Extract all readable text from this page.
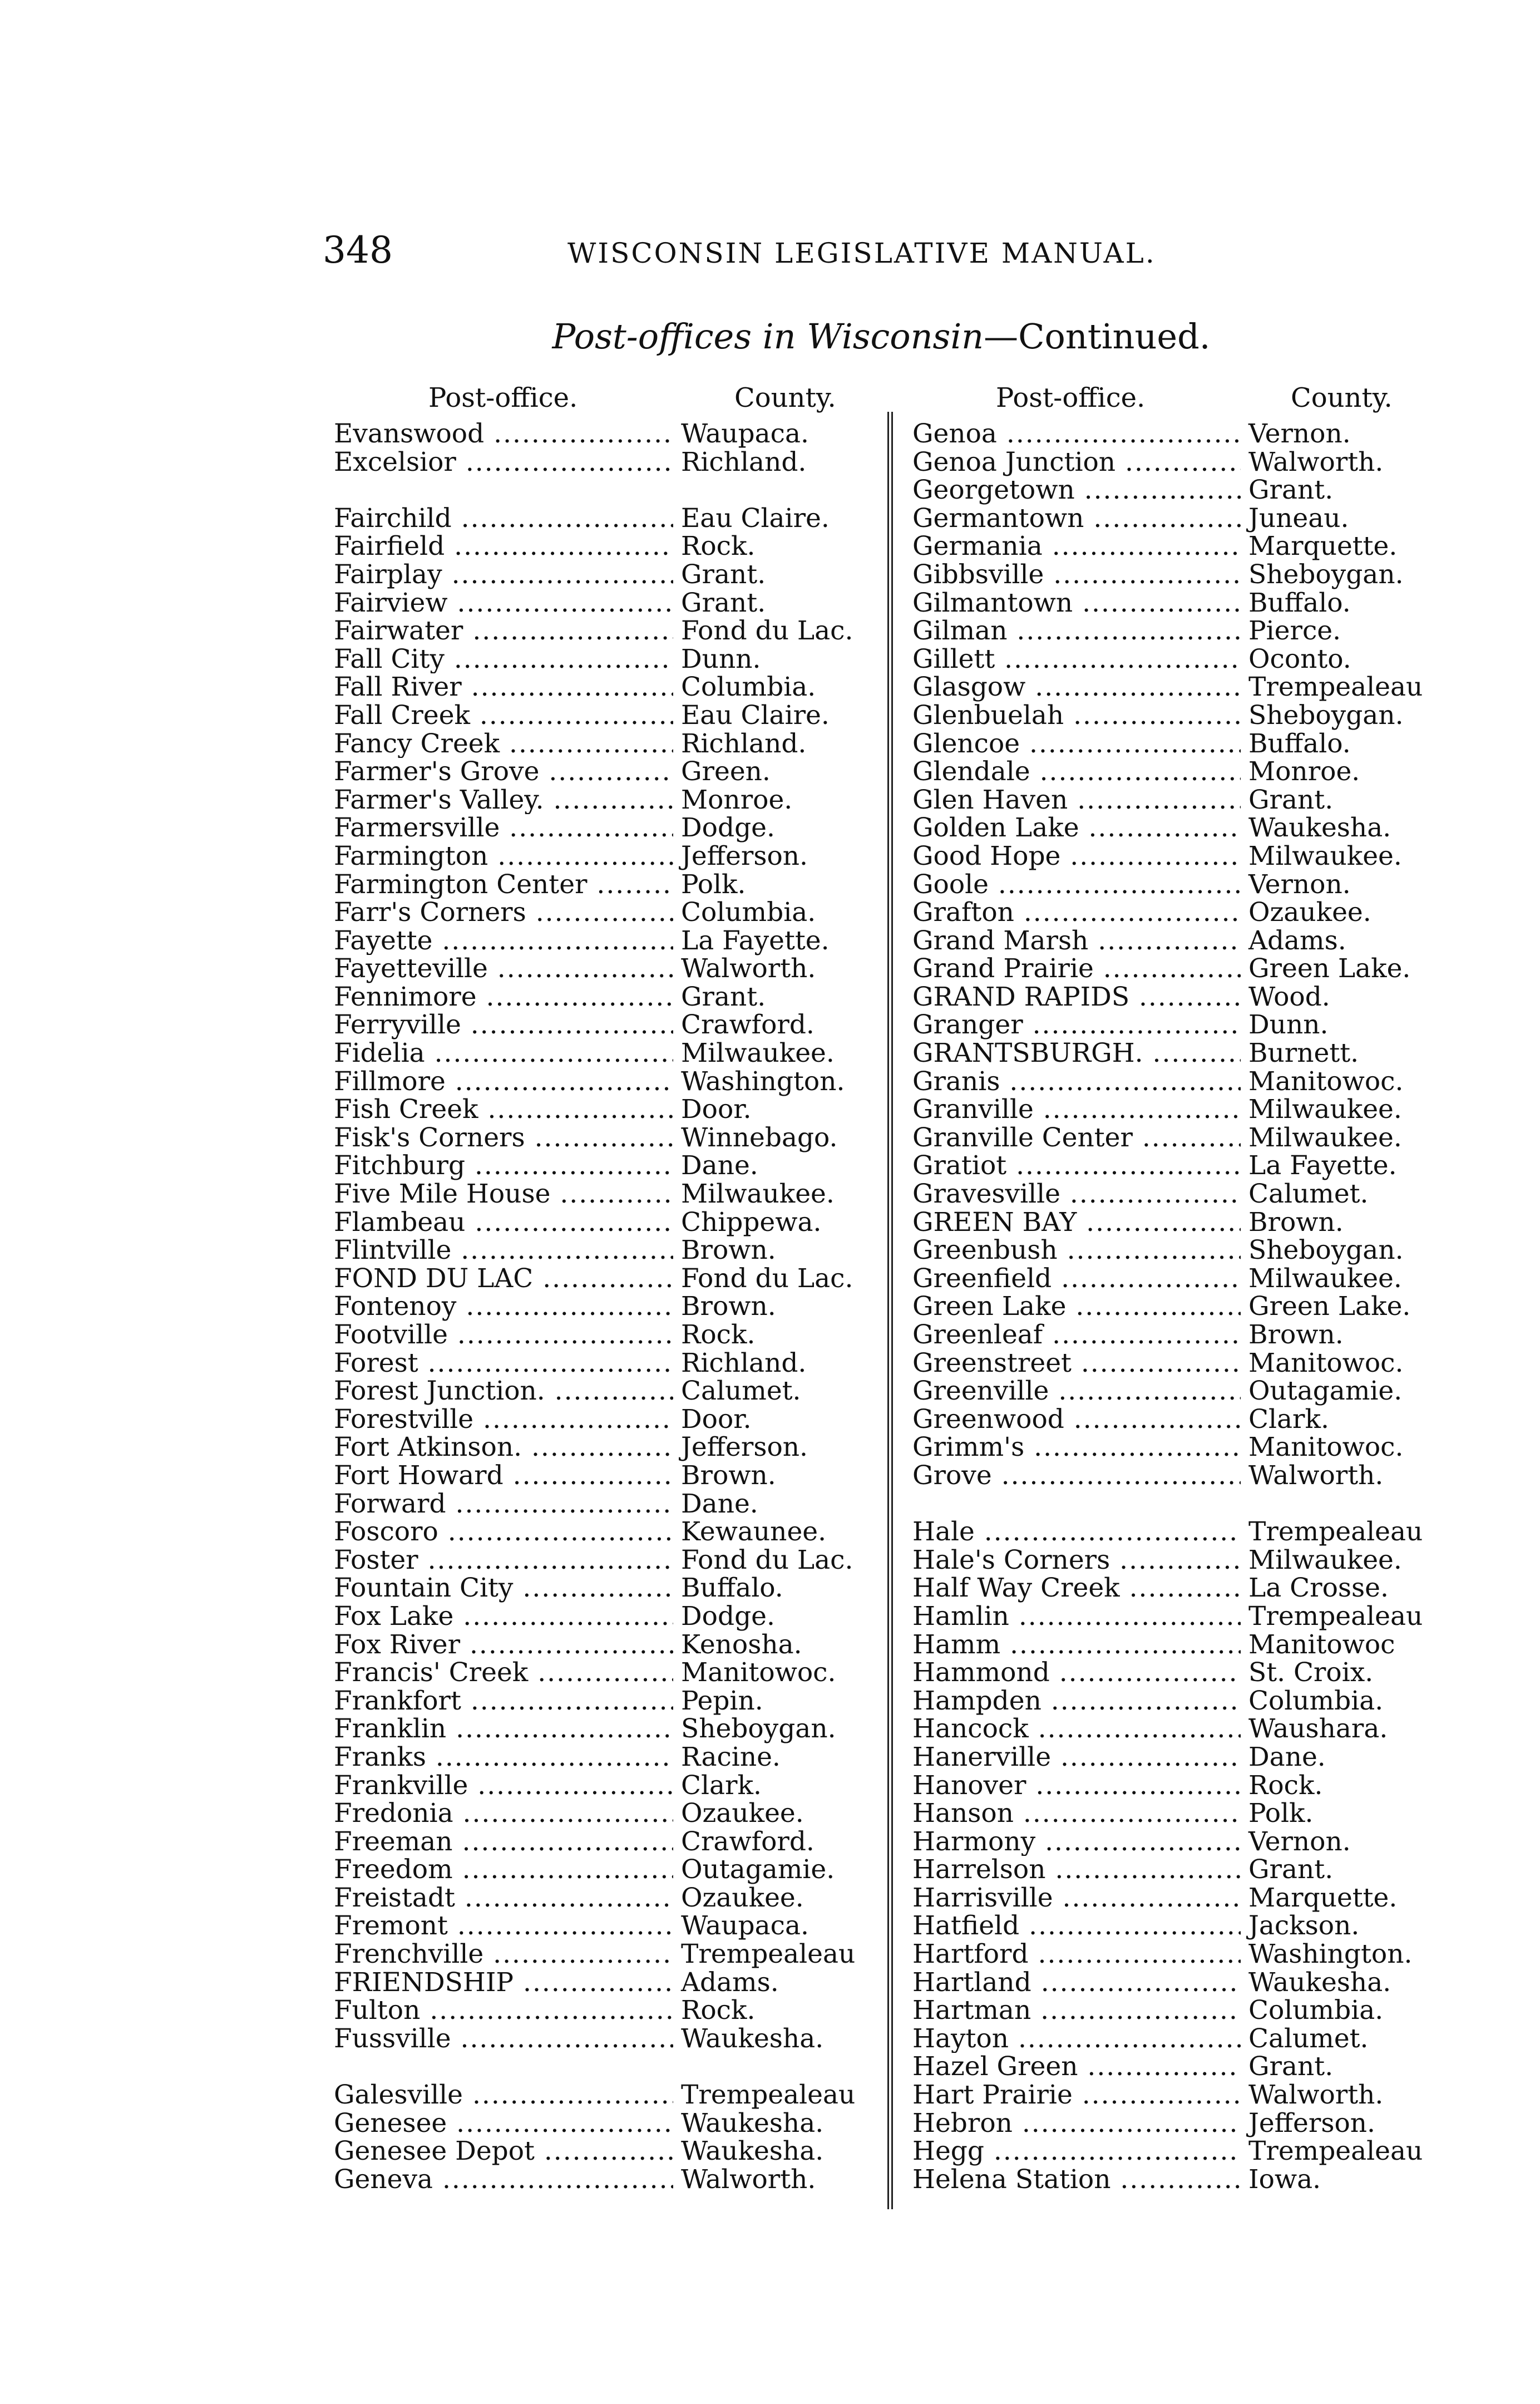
348	WISCONSIN LEGISLATIVE MANUAL.
Post-offices in Wisconsin—Continued.
Post-office.	County.	Post-office.	County.
Evanswood .....	Waupaca.
Excelsior .....	Richland.
Fairchild .....	Eau Claire.
Fairfield .....	Rock.
Fairplay .....	Grant.
Fairview .....	Grant.
Fairwater .....	Fond du Lac.
Fall City .....	Dunn.
Fall River .....	Columbia.
Fall Creek .....	Eau Claire.
Fancy Creek .....	Richland.
Farmer's Grove .....	Green.
Farmer's Valley. .....	Monroe.
Farmersville .....	Dodge.
Farmington .....	Jefferson.
Farmington Center .....	Polk.
Farr's Corners .....	Columbia.
Fayette .....	La Fayette.
Fayetteville .....	Walworth.
Fennimore .....	Grant.
Ferryville .....	Crawford.
Fidelia .....	Milwaukee.
Fillmore .....	Washington.
Fish Creek .....	Door.
Fisk's Corners .....	Winnebago.
Fitchburg .....	Dane.
Five Mile House .....	Milwaukee.
Flambeau .....	Chippewa.
Flintville .....	Brown.
FOND DU LAC .....	Fond du Lac.
Fontenoy .....	Brown.
Footville .....	Rock.
Forest .....	Richland.
Forest Junction. .....	Calumet.
Forestville .....	Door.
Fort Atkinson. .....	Jefferson.
Fort Howard .....	Brown.
Forward .....	Dane.
Foscoro .....	Kewaunee.
Foster .....	Fond du Lac.
Fountain City .....	Buffalo.
Fox Lake .....	Dodge.
Fox River .....	Kenosha.
Francis' Creek .....	Manitowoc.
Frankfort .....	Pepin.
Franklin .....	Sheboygan.
Franks .....	Racine.
Frankville .....	Clark.
Fredonia .....	Ozaukee.
Freeman .....	Crawford.
Freedom .....	Outagamie.
Freistadt .....	Ozaukee.
Fremont .....	Waupaca.
Frenchville .....	Trempealeau
FRIENDSHIP .....	Adams.
Fulton .....	Rock.
Fussville .....	Waukesha.
Galesville .....	Trempealeau
Genesee .....	Waukesha.
Genesee Depot .....	Waukesha.
Geneva .....	Walworth.
Genoa .....	Vernon.
Genoa Junction .....	Walworth.
Georgetown .....	Grant.
Germantown .....	Juneau.
Germania .....	Marquette.
Gibbsville .....	Sheboygan.
Gilmantown .....	Buffalo.
Gilman .....	Pierce.
Gillett .....	Oconto.
Glasgow .....	Trempealeau
Glenbuelah .....	Sheboygan.
Glencoe .....	Buffalo.
Glendale .....	Monroe.
Glen Haven .....	Grant.
Golden Lake .....	Waukesha.
Good Hope .....	Milwaukee.
Goole .....	Vernon.
Grafton .....	Ozaukee.
Grand Marsh .....	Adams.
Grand Prairie .....	Green Lake.
GRAND RAPIDS .....	Wood.
Granger .....	Dunn.
GRANTSBURGH. .....	Burnett.
Granis .....	Manitowoc.
Granville .....	Milwaukee.
Granville Center .....	Milwaukee.
Gratiot .....	La Fayette.
Gravesville .....	Calumet.
GREEN BAY .....	Brown.
Greenbush .....	Sheboygan.
Greenfield .....	Milwaukee.
Green Lake .....	Green Lake.
Greenleaf .....	Brown.
Greenstreet .....	Manitowoc.
Greenville .....	Outagamie.
Greenwood .....	Clark.
Grimm's .....	Manitowoc.
Grove .....	Walworth.
Hale .....	Trempealeau
Hale's Corners .....	Milwaukee.
Half Way Creek .....	La Crosse.
Hamlin .....	Trempealeau
Hamm .....	Manitowoc
Hammond .....	St. Croix.
Hampden .....	Columbia.
Hancock .....	Waushara.
Hanerville .....	Dane.
Hanover .....	Rock.
Hanson .....	Polk.
Harmony .....	Vernon.
Harrelson .....	Grant.
Harrisville .....	Marquette.
Hatfield .....	Jackson.
Hartford .....	Washington.
Hartland .....	Waukesha.
Hartman .....	Columbia.
Hayton .....	Calumet.
Hazel Green .....	Grant.
Hart Prairie .....	Walworth.
Hebron .....	Jefferson.
Hegg .....	Trempealeau
Helena Station .....	Iowa.
